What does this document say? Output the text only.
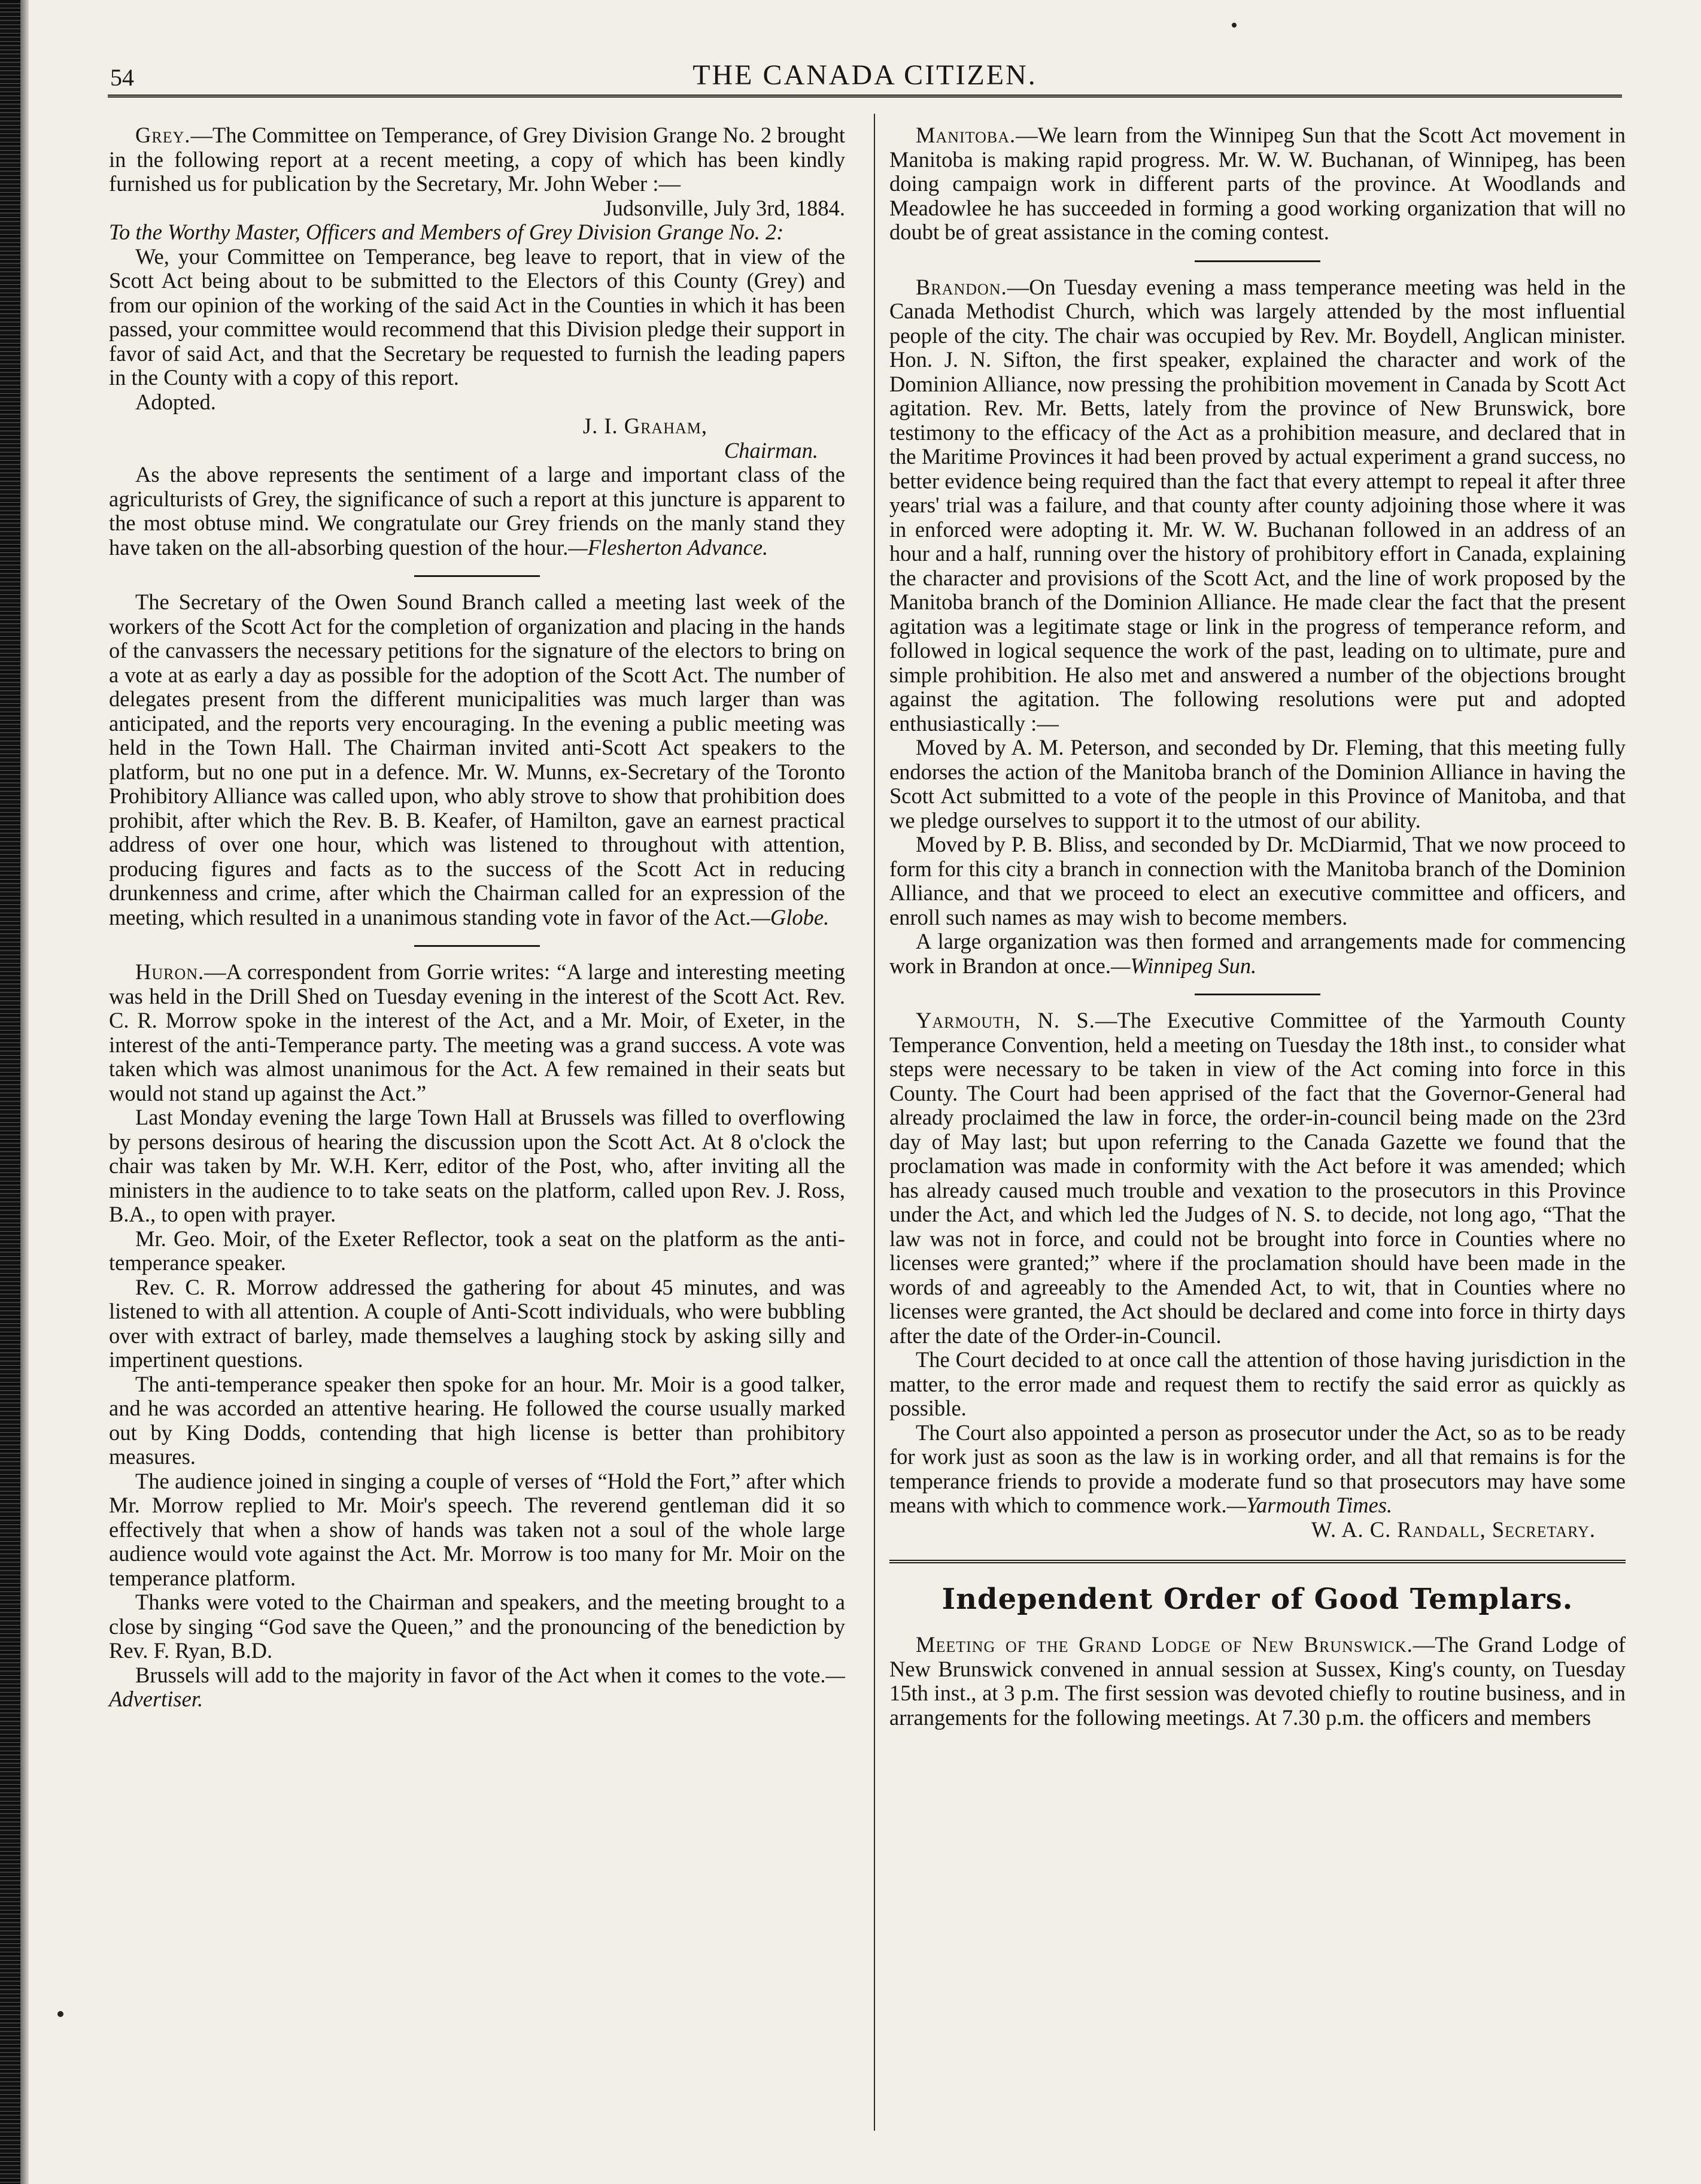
54	THE CANADA CITIZEN.

Grey.—The Committee on Temperance, of Grey Division Grange No. 2 brought in the following report at a recent meeting, a copy of which has been kindly furnished us for publication by the Secretary, Mr. John Weber :—

Judsonville, July 3rd, 1884.

To the Worthy Master, Officers and Members of Grey Division Grange No. 2:

We, your Committee on Temperance, beg leave to report, that in view of the Scott Act being about to be submitted to the Electors of this County (Grey) and from our opinion of the working of the said Act in the Counties in which it has been passed, your committee would recommend that this Division pledge their support in favor of said Act, and that the Secretary be requested to furnish the leading papers in the County with a copy of this report.

Adopted.

J. I. Graham,

Chairman.

As the above represents the sentiment of a large and important class of the agriculturists of Grey, the significance of such a report at this juncture is apparent to the most obtuse mind. We congratulate our Grey friends on the manly stand they have taken on the all-absorbing question of the hour.—Flesherton Advance.

The Secretary of the Owen Sound Branch called a meeting last week of the workers of the Scott Act for the completion of organization and placing in the hands of the canvassers the necessary petitions for the signature of the electors to bring on a vote at as early a day as possible for the adoption of the Scott Act. The number of delegates present from the different municipalities was much larger than was anticipated, and the reports very encouraging. In the evening a public meeting was held in the Town Hall. The Chairman invited anti-Scott Act speakers to the platform, but no one put in a defence. Mr. W. Munns, ex-Secretary of the Toronto Prohibitory Alliance was called upon, who ably strove to show that prohibition does prohibit, after which the Rev. B. B. Keafer, of Hamilton, gave an earnest practical address of over one hour, which was listened to throughout with attention, producing figures and facts as to the success of the Scott Act in reducing drunkenness and crime, after which the Chairman called for an expression of the meeting, which resulted in a unanimous standing vote in favor of the Act.—Globe.

Huron.—A correspondent from Gorrie writes: “A large and interesting meeting was held in the Drill Shed on Tuesday evening in the interest of the Scott Act. Rev. C. R. Morrow spoke in the interest of the Act, and a Mr. Moir, of Exeter, in the interest of the anti-Temperance party. The meeting was a grand success. A vote was taken which was almost unanimous for the Act. A few remained in their seats but would not stand up against the Act.”

Last Monday evening the large Town Hall at Brussels was filled to overflowing by persons desirous of hearing the discussion upon the Scott Act. At 8 o'clock the chair was taken by Mr. W.H. Kerr, editor of the Post, who, after inviting all the ministers in the audience to to take seats on the platform, called upon Rev. J. Ross, B.A., to open with prayer.

Mr. Geo. Moir, of the Exeter Reflector, took a seat on the platform as the anti-temperance speaker.

Rev. C. R. Morrow addressed the gathering for about 45 minutes, and was listened to with all attention. A couple of Anti-Scott individuals, who were bubbling over with extract of barley, made themselves a laughing stock by asking silly and impertinent questions.

The anti-temperance speaker then spoke for an hour. Mr. Moir is a good talker, and he was accorded an attentive hearing. He followed the course usually marked out by King Dodds, contending that high license is better than prohibitory measures.

The audience joined in singing a couple of verses of “Hold the Fort,” after which Mr. Morrow replied to Mr. Moir's speech. The reverend gentleman did it so effectively that when a show of hands was taken not a soul of the whole large audience would vote against the Act. Mr. Morrow is too many for Mr. Moir on the temperance platform.

Thanks were voted to the Chairman and speakers, and the meeting brought to a close by singing “God save the Queen,” and the pronouncing of the benediction by Rev. F. Ryan, B.D.

Brussels will add to the majority in favor of the Act when it comes to the vote.—Advertiser.

Manitoba.—We learn from the Winnipeg Sun that the Scott Act movement in Manitoba is making rapid progress. Mr. W. W. Buchanan, of Winnipeg, has been doing campaign work in different parts of the province. At Woodlands and Meadowlee he has succeeded in forming a good working organization that will no doubt be of great assistance in the coming contest.

Brandon.—On Tuesday evening a mass temperance meeting was held in the Canada Methodist Church, which was largely attended by the most influential people of the city. The chair was occupied by Rev. Mr. Boydell, Anglican minister. Hon. J. N. Sifton, the first speaker, explained the character and work of the Dominion Alliance, now pressing the prohibition movement in Canada by Scott Act agitation. Rev. Mr. Betts, lately from the province of New Brunswick, bore testimony to the efficacy of the Act as a prohibition measure, and declared that in the Maritime Provinces it had been proved by actual experiment a grand success, no better evidence being required than the fact that every attempt to repeal it after three years' trial was a failure, and that county after county adjoining those where it was in enforced were adopting it. Mr. W. W. Buchanan followed in an address of an hour and a half, running over the history of prohibitory effort in Canada, explaining the character and provisions of the Scott Act, and the line of work proposed by the Manitoba branch of the Dominion Alliance. He made clear the fact that the present agitation was a legitimate stage or link in the progress of temperance reform, and followed in logical sequence the work of the past, leading on to ultimate, pure and simple prohibition. He also met and answered a number of the objections brought against the agitation. The following resolutions were put and adopted enthusiastically :—

Moved by A. M. Peterson, and seconded by Dr. Fleming, that this meeting fully endorses the action of the Manitoba branch of the Dominion Alliance in having the Scott Act submitted to a vote of the people in this Province of Manitoba, and that we pledge ourselves to support it to the utmost of our ability.

Moved by P. B. Bliss, and seconded by Dr. McDiarmid, That we now proceed to form for this city a branch in connection with the Manitoba branch of the Dominion Alliance, and that we proceed to elect an executive committee and officers, and enroll such names as may wish to become members.

A large organization was then formed and arrangements made for commencing work in Brandon at once.—Winnipeg Sun.

Yarmouth, N. S.—The Executive Committee of the Yarmouth County Temperance Convention, held a meeting on Tuesday the 18th inst., to consider what steps were necessary to be taken in view of the Act coming into force in this County. The Court had been apprised of the fact that the Governor-General had already proclaimed the law in force, the order-in-council being made on the 23rd day of May last; but upon referring to the Canada Gazette we found that the proclamation was made in conformity with the Act before it was amended; which has already caused much trouble and vexation to the prosecutors in this Province under the Act, and which led the Judges of N. S. to decide, not long ago, “That the law was not in force, and could not be brought into force in Counties where no licenses were granted;” where if the proclamation should have been made in the words of and agreeably to the Amended Act, to wit, that in Counties where no licenses were granted, the Act should be declared and come into force in thirty days after the date of the Order-in-Council.

The Court decided to at once call the attention of those having jurisdiction in the matter, to the error made and request them to rectify the said error as quickly as possible.

The Court also appointed a person as prosecutor under the Act, so as to be ready for work just as soon as the law is in working order, and all that remains is for the temperance friends to provide a moderate fund so that prosecutors may have some means with which to commence work.—Yarmouth Times.

W. A. C. Randall, Secretary.

Independent Order of Good Templars.

Meeting of the Grand Lodge of New Brunswick.—The Grand Lodge of New Brunswick convened in annual session at Sussex, King's county, on Tuesday 15th inst., at 3 p.m. The first session was devoted chiefly to routine business, and in arrangements for the following meetings. At 7.30 p.m. the officers and members
